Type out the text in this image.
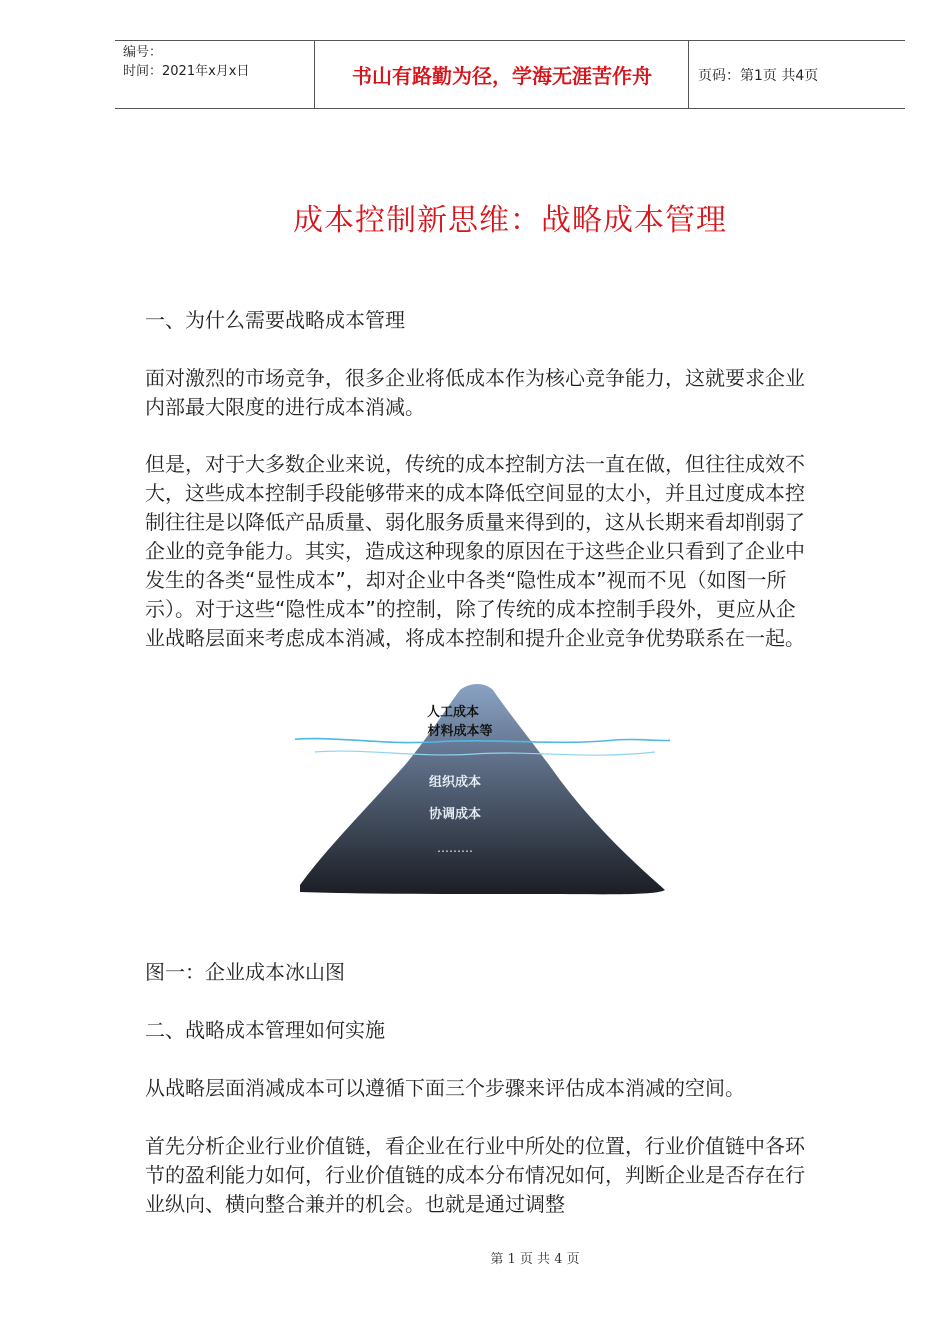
编号：
时间：2021年x月x日	书山有路勤为径，学海无涯苦作舟	页码：第1页 共4页
成本控制新思维：战略成本管理

一、为什么需要战略成本管理

面对激烈的市场竞争，很多企业将低成本作为核心竞争能力，这就要求企业内部最大限度的进行成本消减。

但是，对于大多数企业来说，传统的成本控制方法一直在做，但往往成效不大，这些成本控制手段能够带来的成本降低空间显的太小，并且过度成本控制往往是以降低产品质量、弱化服务质量来得到的，这从长期来看却削弱了企业的竞争能力。其实，造成这种现象的原因在于这些企业只看到了企业中发生的各类“显性成本”，却对企业中各类“隐性成本”视而不见（如图一所示）。对于这些“隐性成本”的控制，除了传统的成本控制手段外，更应从企业战略层面来考虑成本消减，将成本控制和提升企业竞争优势联系在一起。

人工成本
材料成本等
组织成本
协调成本
………

图一：企业成本冰山图

二、战略成本管理如何实施

从战略层面消减成本可以遵循下面三个步骤来评估成本消减的空间。

首先分析企业行业价值链，看企业在行业中所处的位置，行业价值链中各环节的盈利能力如何，行业价值链的成本分布情况如何，判断企业是否存在行业纵向、横向整合兼并的机会。也就是通过调整

第 1 页 共 4 页
